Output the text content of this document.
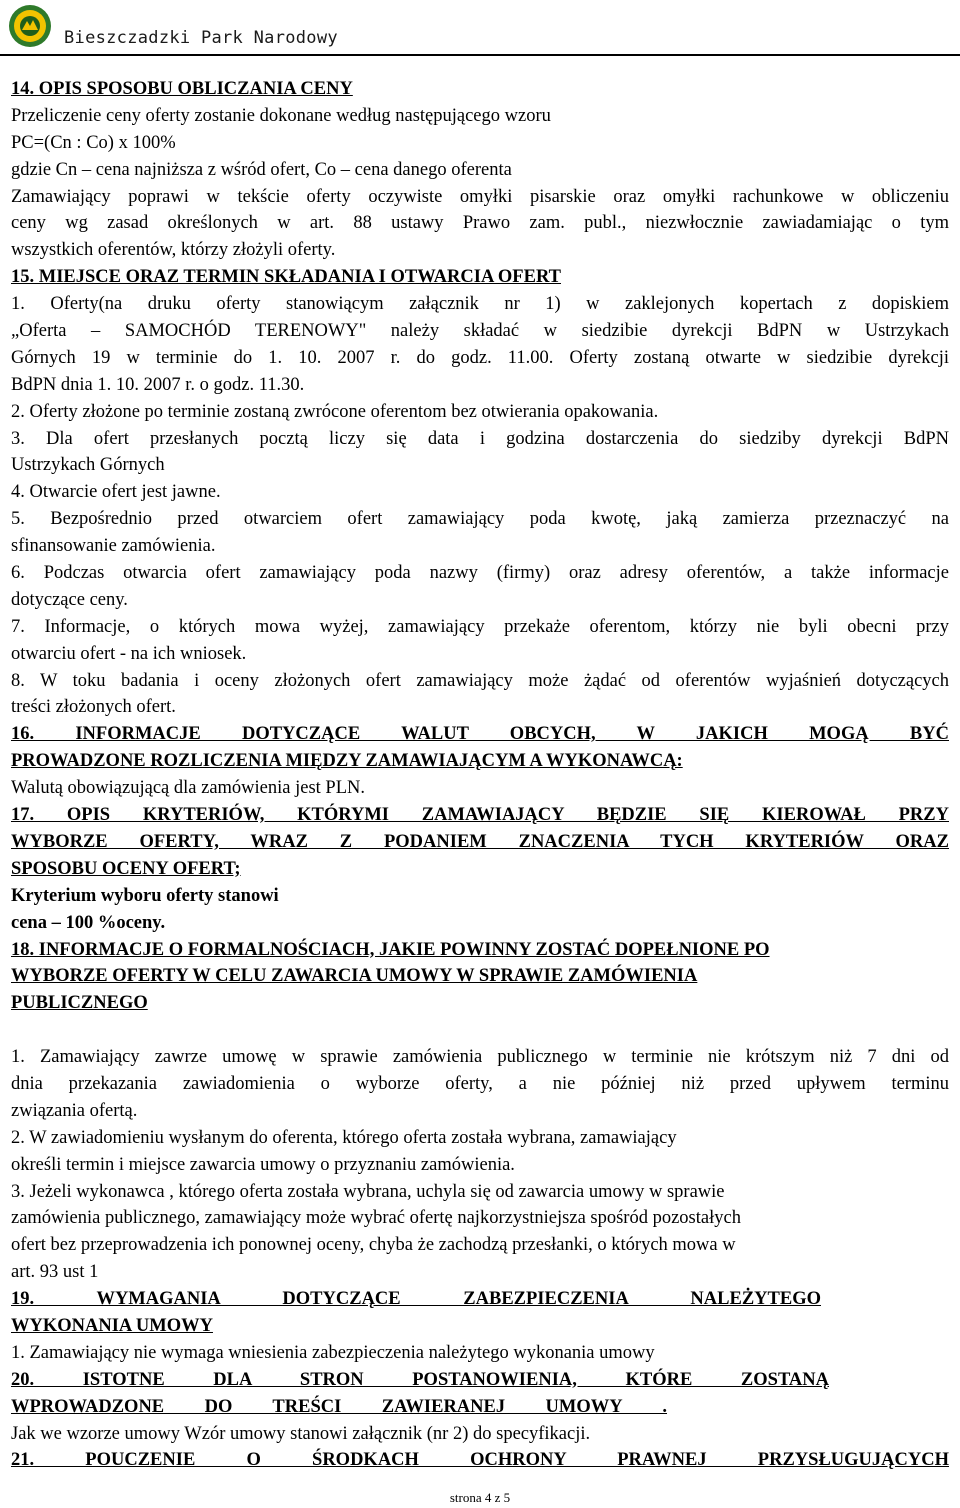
Bieszczadzki Park Narodowy
14. OPIS SPOSOBU OBLICZANIA CENY
Przeliczenie ceny oferty zostanie dokonane według następującego wzoru
PC=(Cn : Co) x 100%
gdzie Cn – cena najniższa z wśród ofert, Co – cena danego oferenta
Zamawiający poprawi w tekście oferty oczywiste omyłki pisarskie oraz omyłki rachunkowe w obliczeniu
ceny wg zasad określonych w art. 88 ustawy Prawo zam. publ., niezwłocznie zawiadamiając o tym
wszystkich oferentów, którzy złożyli oferty.
15. MIEJSCE ORAZ TERMIN SKŁADANIA I OTWARCIA OFERT
1. Oferty(na druku oferty stanowiącym załącznik nr 1) w zaklejonych kopertach z dopiskiem
„Oferta – SAMOCHÓD TERENOWY" należy składać w siedzibie dyrekcji BdPN w Ustrzykach
Górnych 19 w terminie do 1. 10. 2007 r. do godz. 11.00. Oferty zostaną otwarte w siedzibie dyrekcji
BdPN dnia 1. 10. 2007 r. o godz. 11.30.
2. Oferty złożone po terminie zostaną zwrócone oferentom bez otwierania opakowania.
3. Dla ofert przesłanych pocztą liczy się data i godzina dostarczenia do siedziby dyrekcji BdPN
Ustrzykach Górnych
4. Otwarcie ofert jest jawne.
5. Bezpośrednio przed otwarciem ofert zamawiający poda kwotę, jaką zamierza przeznaczyć na
sfinansowanie zamówienia.
6. Podczas otwarcia ofert zamawiający poda nazwy (firmy) oraz adresy oferentów, a także informacje
dotyczące ceny.
7. Informacje, o których mowa wyżej, zamawiający przekaże oferentom, którzy nie byli obecni przy
otwarciu ofert - na ich wniosek.
8. W toku badania i oceny złożonych ofert zamawiający może żądać od oferentów wyjaśnień dotyczących
treści złożonych ofert.
16. INFORMACJE DOTYCZĄCE WALUT OBCYCH, W JAKICH MOGĄ BYĆ
PROWADZONE ROZLICZENIA MIĘDZY ZAMAWIAJĄCYM A WYKONAWCĄ:
Walutą obowiązującą dla zamówienia jest PLN.
17. OPIS KRYTERIÓW, KTÓRYMI ZAMAWIAJĄCY BĘDZIE SIĘ KIEROWAŁ PRZY
WYBORZE OFERTY, WRAZ Z PODANIEM ZNACZENIA TYCH KRYTERIÓW ORAZ
SPOSOBU OCENY OFERT;
Kryterium wyboru oferty stanowi
cena – 100 %oceny.
18. INFORMACJE O FORMALNOŚCIACH, JAKIE POWINNY ZOSTAĆ DOPEŁNIONE PO
WYBORZE OFERTY W CELU ZAWARCIA UMOWY W SPRAWIE ZAMÓWIENIA
PUBLICZNEGO
1. Zamawiający zawrze umowę w sprawie zamówienia publicznego w terminie nie krótszym niż 7 dni od
dnia przekazania zawiadomienia o wyborze oferty, a nie później niż przed upływem terminu
związania ofertą.
2. W zawiadomieniu wysłanym do oferenta, którego oferta została wybrana, zamawiający
określi termin i miejsce zawarcia umowy o przyznaniu zamówienia.
3. Jeżeli wykonawca , którego oferta została wybrana, uchyla się od zawarcia umowy w sprawie
zamówienia publicznego, zamawiający może wybrać ofertę najkorzystniejsza spośród pozostałych
ofert bez przeprowadzenia ich ponownej oceny, chyba że zachodzą przesłanki, o których mowa w
art. 93 ust 1
19. WYMAGANIA DOTYCZĄCE ZABEZPIECZENIA NALEŻYTEGO
WYKONANIA UMOWY
1. Zamawiający nie wymaga wniesienia zabezpieczenia należytego wykonania umowy
20. ISTOTNE DLA STRON POSTANOWIENIA, KTÓRE ZOSTANĄ
WPROWADZONE DO TREŚCI ZAWIERANEJ UMOWY .
Jak we wzorze umowy Wzór umowy stanowi załącznik (nr 2) do specyfikacji.
21. POUCZENIE O ŚRODKACH OCHRONY PRAWNEJ PRZYSŁUGUJĄCYCH
strona 4 z 5
